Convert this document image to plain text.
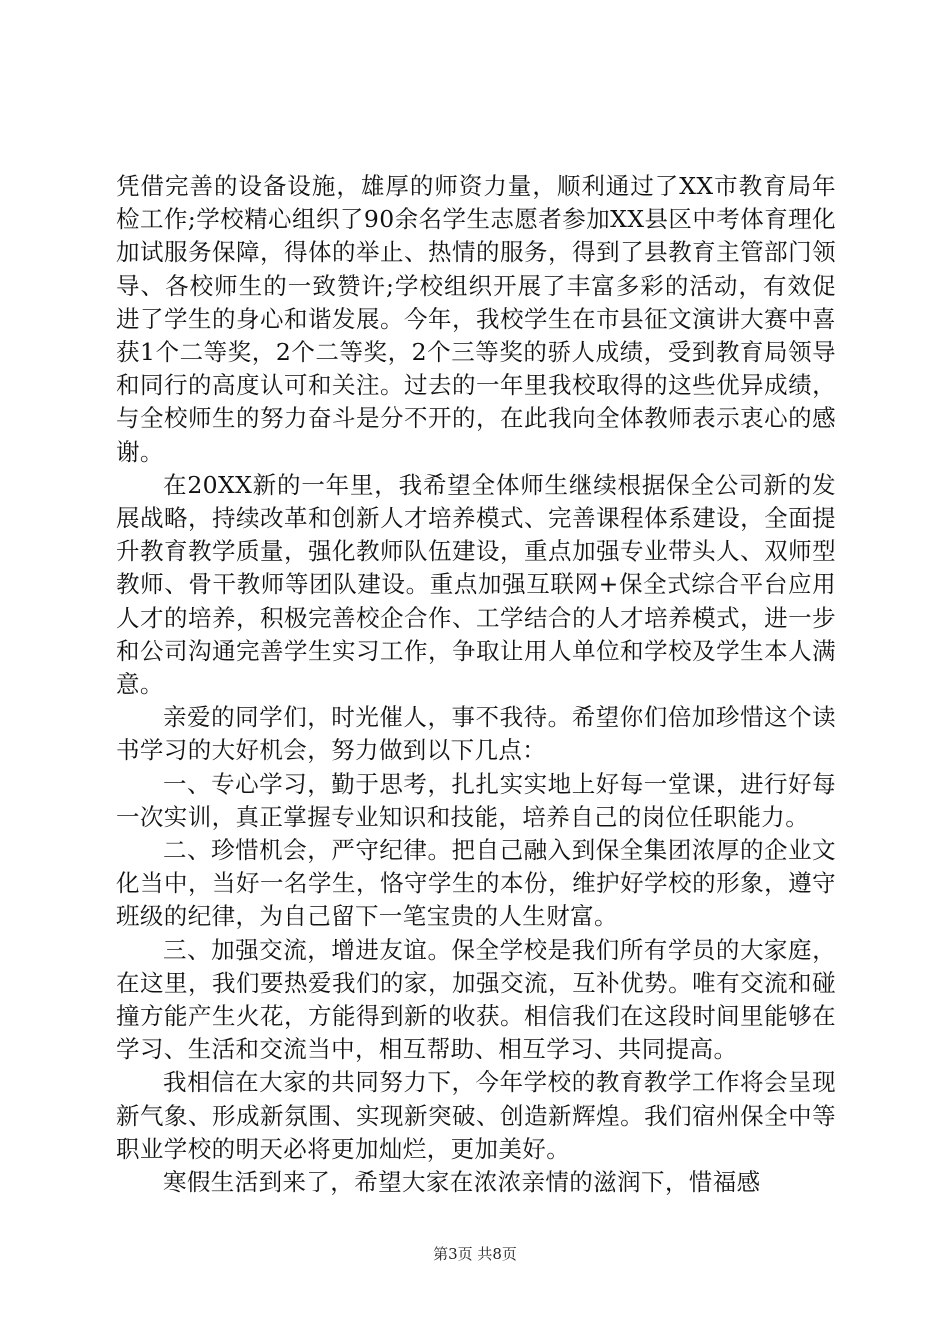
凭借完善的设备设施，雄厚的师资力量，顺利通过了XX市教育局年检工作;学校精心组织了90余名学生志愿者参加XX县区中考体育理化加试服务保障，得体的举止、热情的服务，得到了县教育主管部门领导、各校师生的一致赞许;学校组织开展了丰富多彩的活动，有效促进了学生的身心和谐发展。今年，我校学生在市县征文演讲大赛中喜获1个二等奖，2个二等奖，2个三等奖的骄人成绩，受到教育局领导和同行的高度认可和关注。过去的一年里我校取得的这些优异成绩，与全校师生的努力奋斗是分不开的，在此我向全体教师表示衷心的感谢。

在20XX新的一年里，我希望全体师生继续根据保全公司新的发展战略，持续改革和创新人才培养模式、完善课程体系建设，全面提升教育教学质量，强化教师队伍建设，重点加强专业带头人、双师型教师、骨干教师等团队建设。重点加强互联网+保全式综合平台应用人才的培养，积极完善校企合作、工学结合的人才培养模式，进一步和公司沟通完善学生实习工作，争取让用人单位和学校及学生本人满意。

亲爱的同学们，时光催人，事不我待。希望你们倍加珍惜这个读书学习的大好机会，努力做到以下几点：

一、专心学习，勤于思考，扎扎实实地上好每一堂课，进行好每一次实训，真正掌握专业知识和技能，培养自己的岗位任职能力。

二、珍惜机会，严守纪律。把自己融入到保全集团浓厚的企业文化当中，当好一名学生，恪守学生的本份，维护好学校的形象，遵守班级的纪律，为自己留下一笔宝贵的人生财富。

三、加强交流，增进友谊。保全学校是我们所有学员的大家庭，在这里，我们要热爱我们的家，加强交流，互补优势。唯有交流和碰撞方能产生火花，方能得到新的收获。相信我们在这段时间里能够在学习、生活和交流当中，相互帮助、相互学习、共同提高。

我相信在大家的共同努力下，今年学校的教育教学工作将会呈现新气象、形成新氛围、实现新突破、创造新辉煌。我们宿州保全中等职业学校的明天必将更加灿烂，更加美好。

寒假生活到来了，希望大家在浓浓亲情的滋润下，惜福感

第3页 共8页
